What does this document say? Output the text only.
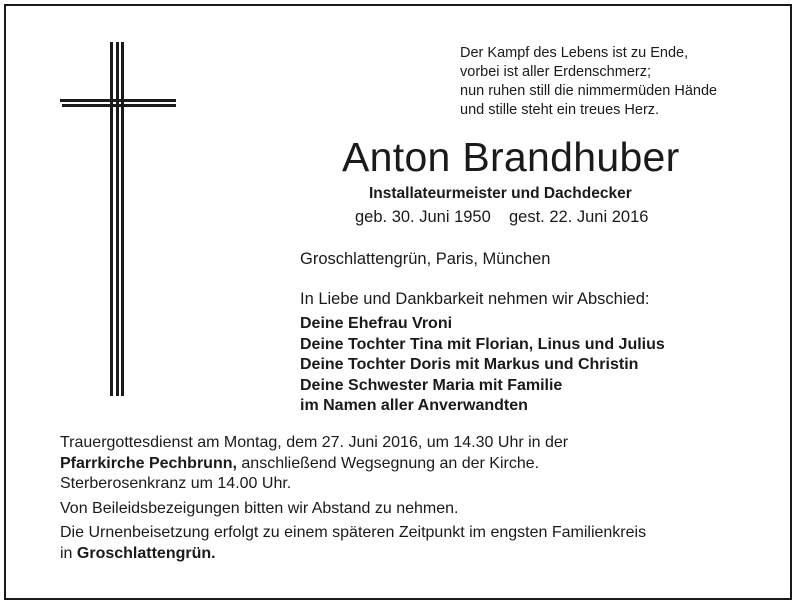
Der Kampf des Lebens ist zu Ende,
vorbei ist aller Erdenschmerz;
nun ruhen still die nimmermüden Hände
und stille steht ein treues Herz.
Anton Brandhuber
Installateurmeister und Dachdecker
geb. 30. Juni 1950 gest. 22. Juni 2016
Groschlattengrün, Paris, München
In Liebe und Dankbarkeit nehmen wir Abschied:
Deine Ehefrau Vroni
Deine Tochter Tina mit Florian, Linus und Julius
Deine Tochter Doris mit Markus und Christin
Deine Schwester Maria mit Familie
im Namen aller Anverwandten
Trauergottesdienst am Montag, dem 27. Juni 2016, um 14.30 Uhr in der
Pfarrkirche Pechbrunn, anschließend Wegsegnung an der Kirche.
Sterberosenkranz um 14.00 Uhr.
Von Beileidsbezeigungen bitten wir Abstand zu nehmen.
Die Urnenbeisetzung erfolgt zu einem späteren Zeitpunkt im engsten Familienkreis
in Groschlattengrün.
